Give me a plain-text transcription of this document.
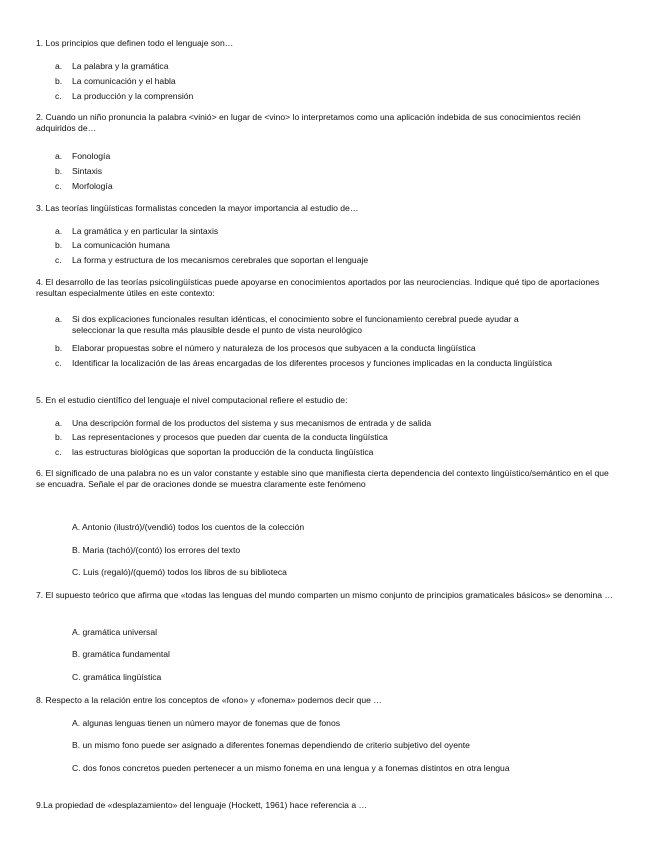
1. Los principios que definen todo el lenguaje son…

a. La palabra y la gramática
b. La comunicación y el habla
c. La producción y la comprensión

2. Cuando un niño pronuncia la palabra <vinió> en lugar de <vino> lo interpretamos como una aplicación indebida de sus conocimientos recién adquiridos de…

a. Fonología
b. Sintaxis
c. Morfología

3. Las teorías lingüísticas formalistas conceden la mayor importancia al estudio de…

a. La gramática y en particular la sintaxis
b. La comunicación humana
c. La forma y estructura de los mecanismos cerebrales que soportan el lenguaje

4. El desarrollo de las teorías psicolingüísticas puede apoyarse en conocimientos aportados por las neurociencias. Indique qué tipo de aportaciones resultan especialmente útiles en este contexto:

a. Si dos explicaciones funcionales resultan idénticas, el conocimiento sobre el funcionamiento cerebral puede ayudar a seleccionar la que resulta más plausible desde el punto de vista neurológico
b. Elaborar propuestas sobre el número y naturaleza de los procesos que subyacen a la conducta lingüística
c. Identificar la localización de las áreas encargadas de los diferentes procesos y funciones implicadas en la conducta lingüística

5. En el estudio científico del lenguaje el nivel computacional refiere el estudio de:

a. Una descripción formal de los productos del sistema y sus mecanismos de entrada y de salida
b. Las representaciones y procesos que pueden dar cuenta de la conducta lingüística
c. las estructuras biológicas que soportan la producción de la conducta lingüística

6. El significado de una palabra no es un valor constante y estable sino que manifiesta cierta dependencia del contexto lingüístico/semántico en el que se encuadra. Señale el par de oraciones donde se muestra claramente este fenómeno

A. Antonio (ilustró)/(vendió) todos los cuentos de la colección
B. Maria (tachó)/(contó) los errores del texto
C. Luis (regaló)/(quemó) todos los libros de su biblioteca

7. El supuesto teórico que afirma que «todas las lenguas del mundo comparten un mismo conjunto de principios gramaticales básicos» se denomina …

A. gramática universal
B. gramática fundamental
C. gramática lingüística

8. Respecto a la relación entre los conceptos de «fono» y «fonema» podemos decir que …

A. algunas lenguas tienen un número mayor de fonemas que de fonos
B. un mismo fono puede ser asignado a diferentes fonemas dependiendo de criterio subjetivo del oyente
C. dos fonos concretos pueden pertenecer a un mismo fonema en una lengua y a fonemas distintos en otra lengua

9.La propiedad de «desplazamiento» del lenguaje (Hockett, 1961) hace referencia a …
